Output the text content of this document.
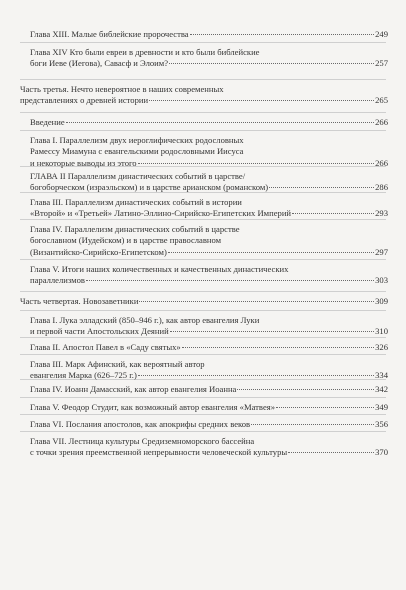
Глава XIII. Малые библейские пророчества	249
Глава XIV Кто были евреи в древности и кто были библейские
боги Иеве (Иегова), Савасф и Элоим?	257
Часть третья. Нечто невероятное в наших современных
представлениях о древней истории	265
Введение	266
Глава I. Параллелизм двух иероглифических родословных
Рамессу Миамуна с евангельскими родословными Иисуса
и некоторые выводы из этого	266
ГЛАВА II Параллелизм династических событий в царстве/
богоборческом (израэльском) и в царстве арианском (романском)	286
Глава III. Параллелизм династических событий в истории
«Второй» и «Третьей» Латино-Эллино-Сирийско-Египетских Империй	293
Глава IV. Параллелизм династических событий в царстве
богославном (Иудейском) и в царстве православном
(Византийско-Сирийско-Египетском)	297
Глава V. Итоги наших количественных и качественных династических
параллелизмов	303
Часть четвертая. Новозаветники	309
Глава I. Лука элладский (850–946 г.), как автор евангелия Луки
и первой части Апостольских Деяний	310
Глава II. Апостол Павел в «Саду святых»	326
Глава III. Марк Афинский, как вероятный автор
евангелия Марка (626–725 г.)	334
Глава IV. Иоанн Дамасский, как автор евангелия Иоанна	342
Глава V. Феодор Студит, как возможный автор евангелия «Матвея»	349
Глава VI. Послания апостолов, как апокрифы средних веков	356
Глава VII. Лестница культуры Средиземноморского бассейна
с точки зрения преемственной непрерывности человеческой культуры	370
